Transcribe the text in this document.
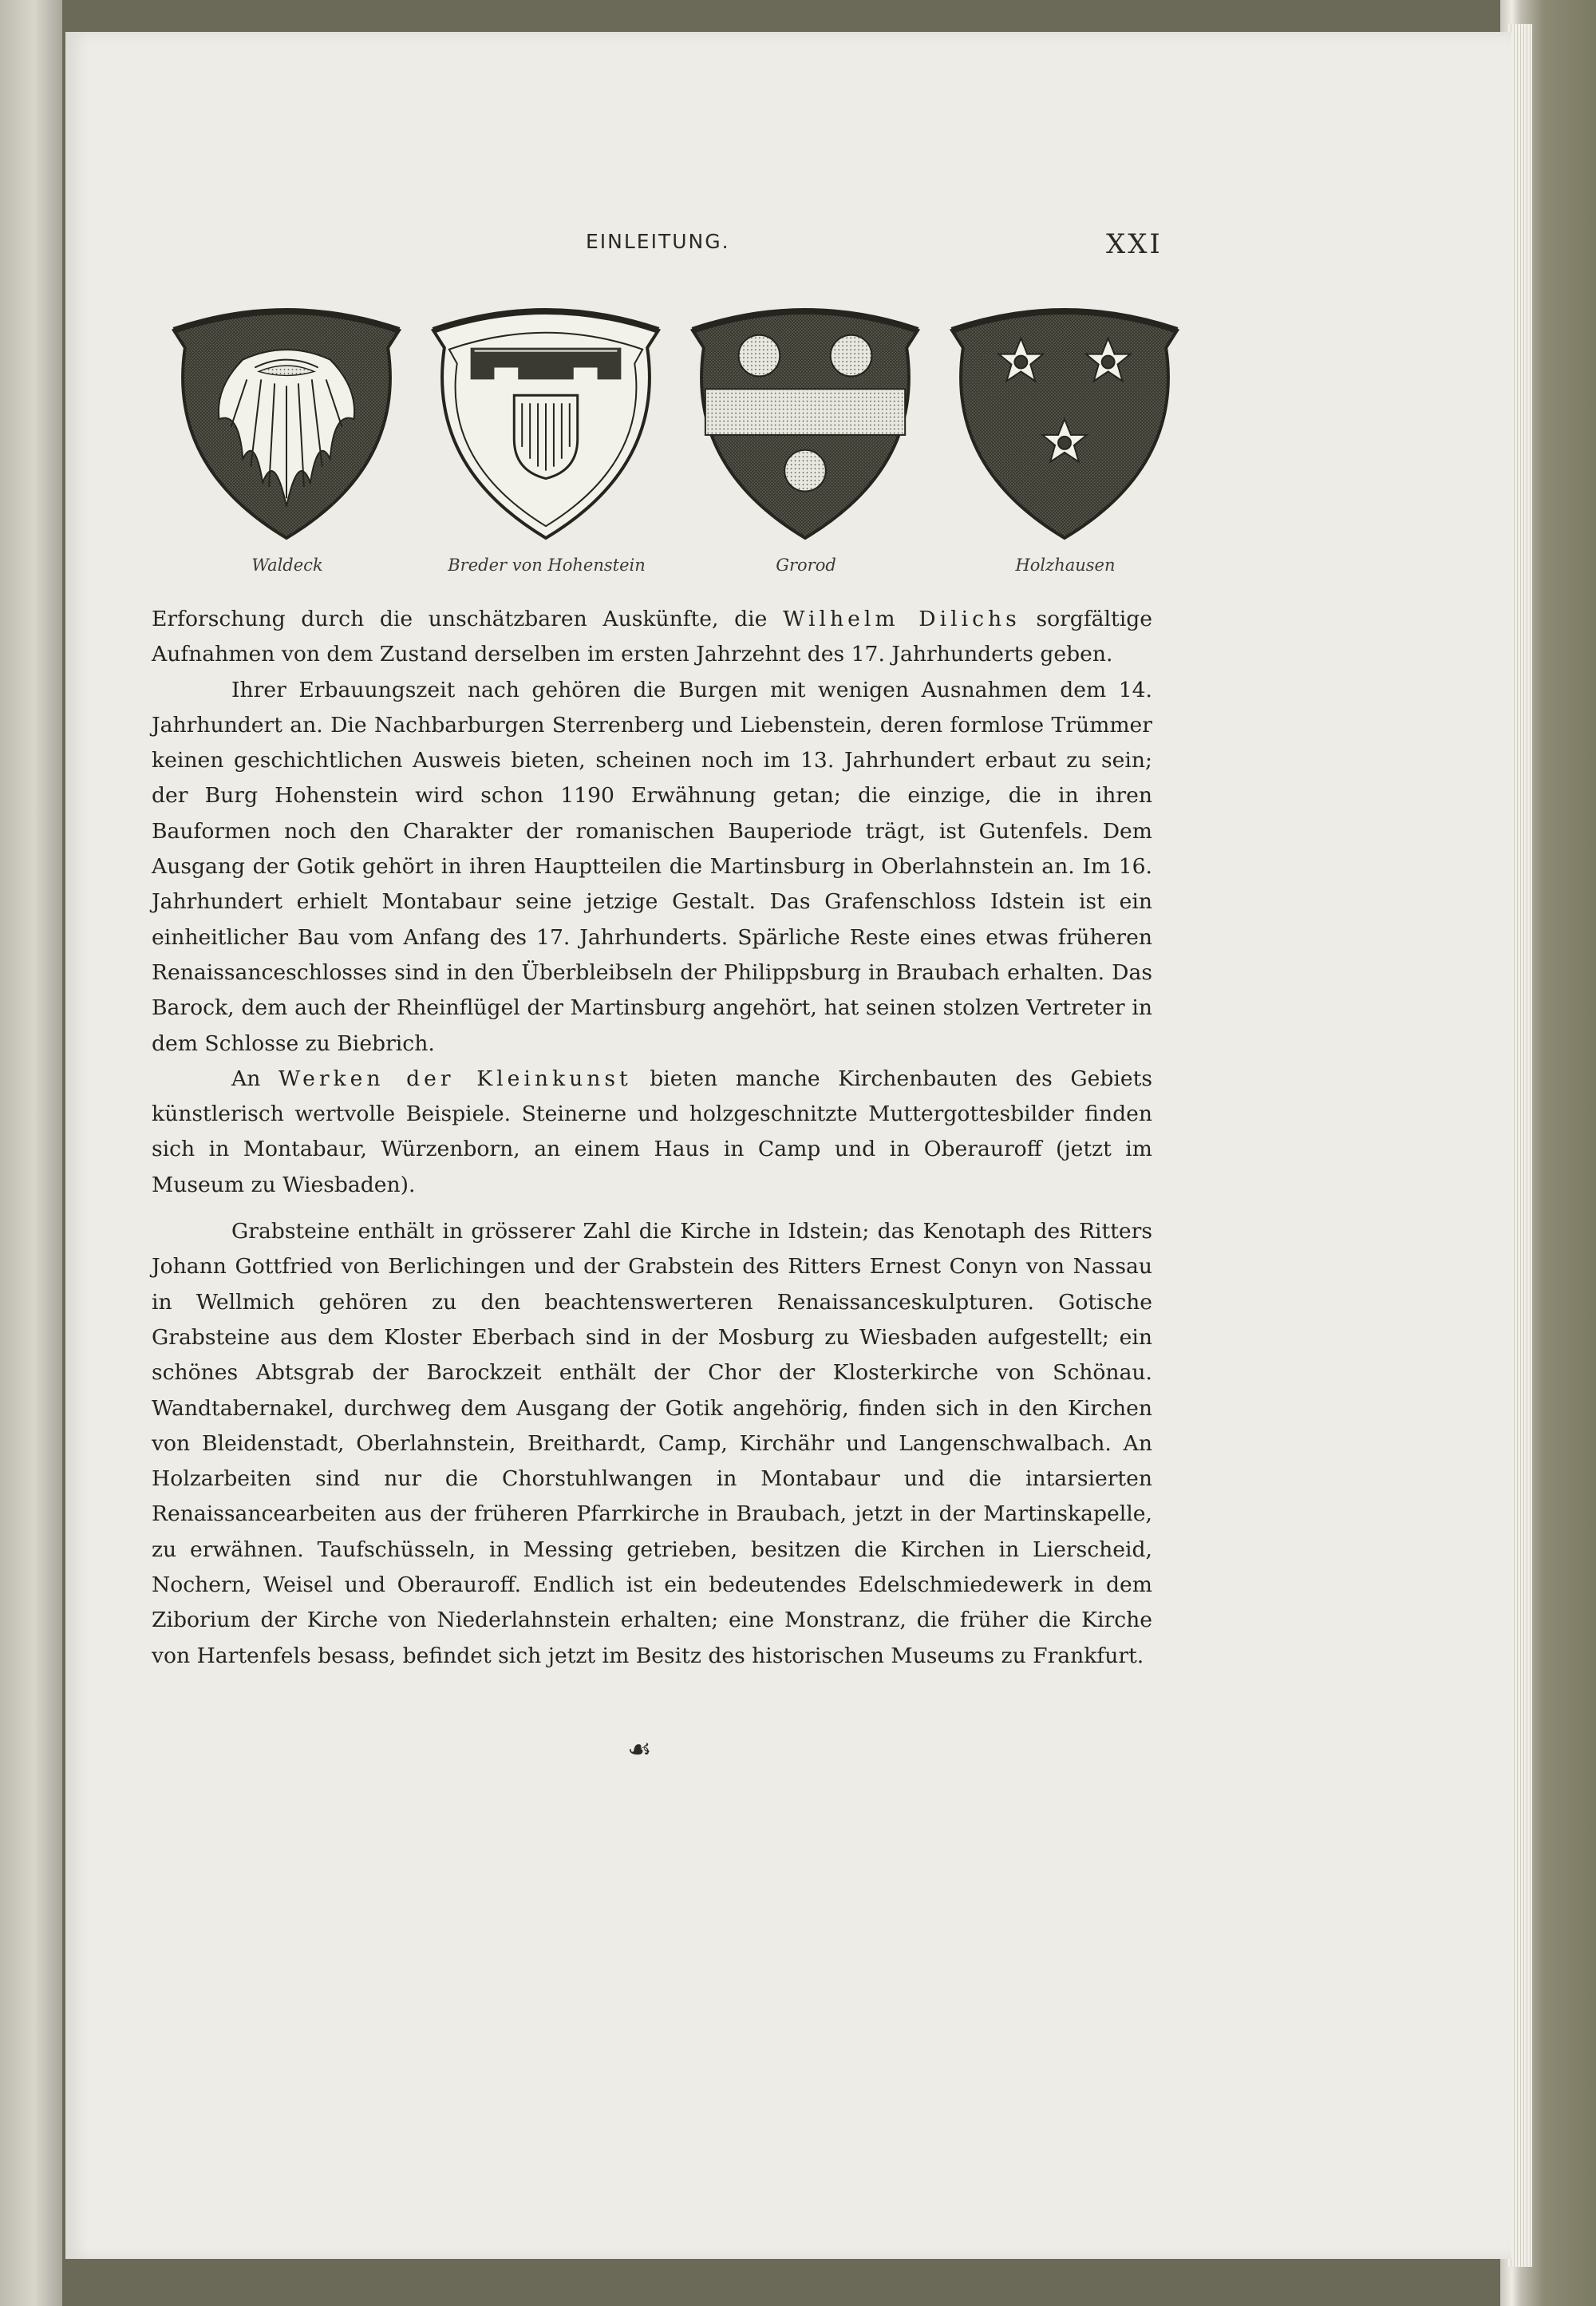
EINLEITUNG.	XXI
Waldeck	Breder von Hohenstein	Grorod	Holzhausen

Erforschung durch die unschätzbaren Auskünfte, die Wilhelm Dilichs sorgfältige Aufnahmen von dem Zustand derselben im ersten Jahrzehnt des 17. Jahrhunderts geben.

Ihrer Erbauungszeit nach gehören die Burgen mit wenigen Ausnahmen dem 14. Jahrhundert an. Die Nachbarburgen Sterrenberg und Liebenstein, deren formlose Trümmer keinen geschichtlichen Ausweis bieten, scheinen noch im 13. Jahrhundert erbaut zu sein; der Burg Hohenstein wird schon 1190 Erwähnung getan; die einzige, die in ihren Bauformen noch den Charakter der romanischen Bauperiode trägt, ist Gutenfels. Dem Ausgang der Gotik gehört in ihren Hauptteilen die Martinsburg in Oberlahnstein an. Im 16. Jahrhundert erhielt Montabaur seine jetzige Gestalt. Das Grafenschloss Idstein ist ein einheitlicher Bau vom Anfang des 17. Jahrhunderts. Spärliche Reste eines etwas früheren Renaissanceschlosses sind in den Überbleibseln der Philippsburg in Braubach erhalten. Das Barock, dem auch der Rheinflügel der Martinsburg angehört, hat seinen stolzen Vertreter in dem Schlosse zu Biebrich.

An Werken der Kleinkunst bieten manche Kirchenbauten des Gebiets künstlerisch wertvolle Beispiele. Steinerne und holzgeschnitzte Muttergottesbilder finden sich in Montabaur, Würzenborn, an einem Haus in Camp und in Oberauroff (jetzt im Museum zu Wiesbaden).

Grabsteine enthält in grösserer Zahl die Kirche in Idstein; das Kenotaph des Ritters Johann Gottfried von Berlichingen und der Grabstein des Ritters Ernest Conyn von Nassau in Wellmich gehören zu den beachtenswerteren Renaissanceskulpturen. Gotische Grabsteine aus dem Kloster Eberbach sind in der Mosburg zu Wiesbaden aufgestellt; ein schönes Abtsgrab der Barockzeit enthält der Chor der Klosterkirche von Schönau. Wandtabernakel, durchweg dem Ausgang der Gotik angehörig, finden sich in den Kirchen von Bleidenstadt, Oberlahnstein, Breithardt, Camp, Kirchähr und Langenschwalbach. An Holzarbeiten sind nur die Chorstuhlwangen in Montabaur und die intarsierten Renaissancearbeiten aus der früheren Pfarrkirche in Braubach, jetzt in der Martinskapelle, zu erwähnen. Taufschüsseln, in Messing getrieben, besitzen die Kirchen in Lierscheid, Nochern, Weisel und Oberauroff. Endlich ist ein bedeutendes Edelschmiedewerk in dem Ziborium der Kirche von Niederlahnstein erhalten; eine Monstranz, die früher die Kirche von Hartenfels besass, befindet sich jetzt im Besitz des historischen Museums zu Frankfurt.

☙
